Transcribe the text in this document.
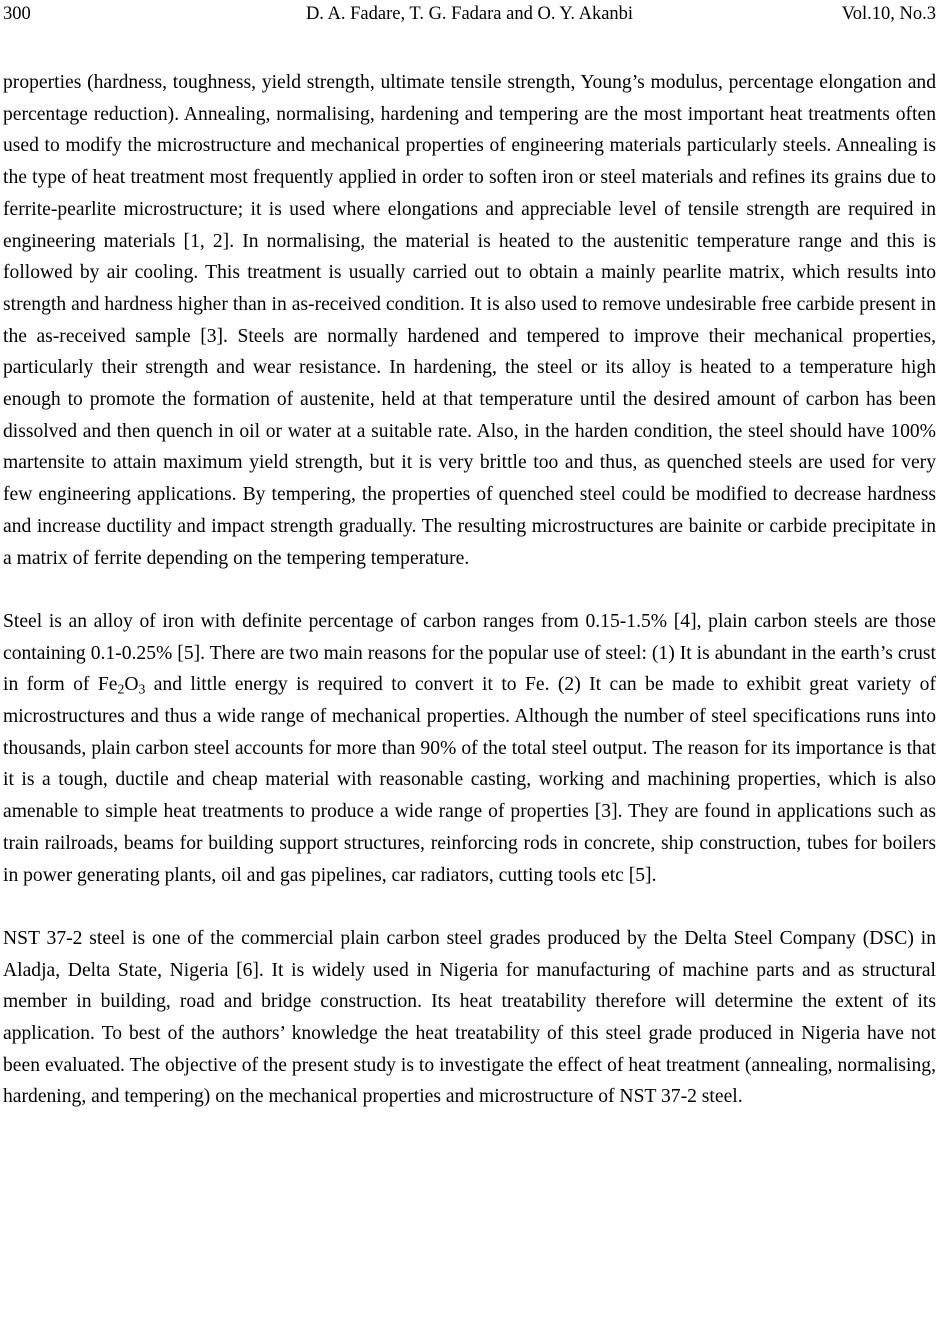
300	D. A. Fadare, T. G. Fadara and O. Y. Akanbi	Vol.10, No.3

properties (hardness, toughness, yield strength, ultimate tensile strength, Young’s modulus, percentage elongation and percentage reduction). Annealing, normalising, hardening and tempering are the most important heat treatments often used to modify the microstructure and mechanical properties of engineering materials particularly steels. Annealing is the type of heat treatment most frequently applied in order to soften iron or steel materials and refines its grains due to ferrite-pearlite microstructure; it is used where elongations and appreciable level of tensile strength are required in engineering materials [1, 2]. In normalising, the material is heated to the austenitic temperature range and this is followed by air cooling. This treatment is usually carried out to obtain a mainly pearlite matrix, which results into strength and hardness higher than in as-received condition. It is also used to remove undesirable free carbide present in the as-received sample [3]. Steels are normally hardened and tempered to improve their mechanical properties, particularly their strength and wear resistance. In hardening, the steel or its alloy is heated to a temperature high enough to promote the formation of austenite, held at that temperature until the desired amount of carbon has been dissolved and then quench in oil or water at a suitable rate. Also, in the harden condition, the steel should have 100% martensite to attain maximum yield strength, but it is very brittle too and thus, as quenched steels are used for very few engineering applications. By tempering, the properties of quenched steel could be modified to decrease hardness and increase ductility and impact strength gradually. The resulting microstructures are bainite or carbide precipitate in a matrix of ferrite depending on the tempering temperature.

Steel is an alloy of iron with definite percentage of carbon ranges from 0.15-1.5% [4], plain carbon steels are those containing 0.1-0.25% [5]. There are two main reasons for the popular use of steel: (1) It is abundant in the earth’s crust in form of $Fe_2O_3$ and little energy is required to convert it to Fe. (2) It can be made to exhibit great variety of microstructures and thus a wide range of mechanical properties. Although the number of steel specifications runs into thousands, plain carbon steel accounts for more than 90% of the total steel output. The reason for its importance is that it is a tough, ductile and cheap material with reasonable casting, working and machining properties, which is also amenable to simple heat treatments to produce a wide range of properties [3]. They are found in applications such as train railroads, beams for building support structures, reinforcing rods in concrete, ship construction, tubes for boilers in power generating plants, oil and gas pipelines, car radiators, cutting tools etc [5].

NST 37-2 steel is one of the commercial plain carbon steel grades produced by the Delta Steel Company (DSC) in Aladja, Delta State, Nigeria [6]. It is widely used in Nigeria for manufacturing of machine parts and as structural member in building, road and bridge construction. Its heat treatability therefore will determine the extent of its application. To best of the authors’ knowledge the heat treatability of this steel grade produced in Nigeria have not been evaluated. The objective of the present study is to investigate the effect of heat treatment (annealing, normalising, hardening, and tempering) on the mechanical properties and microstructure of NST 37-2 steel.
